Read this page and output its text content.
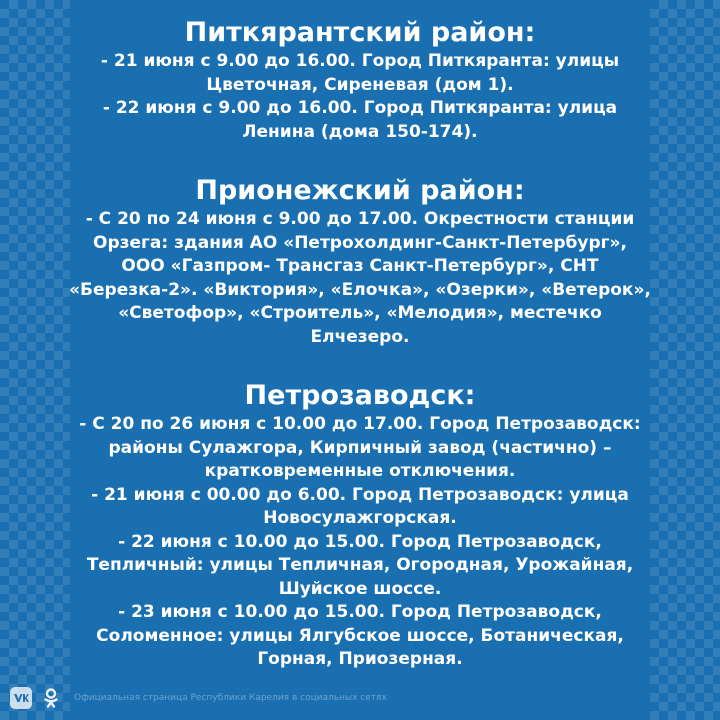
Питкярантский район:

- 21 июня с 9.00 до 16.00. Город Питкяранта: улицы

Цветочная, Сиреневая (дом 1).

- 22 июня с 9.00 до 16.00. Город Питкяранта: улица

Ленина (дома 150-174).

Прионежский район:

- С 20 по 24 июня с 9.00 до 17.00. Окрестности станции

Орзега: здания АО «Петрохолдинг-Санкт-Петербург»,

ООО «Газпром- Трансгаз Санкт-Петербург», СНТ

«Березка-2». «Виктория», «Елочка», «Озерки», «Ветерок»,

«Светофор», «Строитель», «Мелодия», местечко

Елчезеро.

Петрозаводск:

- С 20 по 26 июня с 10.00 до 17.00. Город Петрозаводск:

районы Сулажгора, Кирпичный завод (частично) –

кратковременные отключения.

- 21 июня с 00.00 до 6.00. Город Петрозаводск: улица

Новосулажгорская.

- 22 июня с 10.00 до 15.00. Город Петрозаводск,

Тепличный: улицы Тепличная, Огородная, Урожайная,

Шуйское шоссе.

- 23 июня с 10.00 до 15.00. Город Петрозаводск,

Соломенное: улицы Ялгубское шоссе, Ботаническая,

Горная, Приозерная.

Официальная страница Республики Карелия в социальных сетях
